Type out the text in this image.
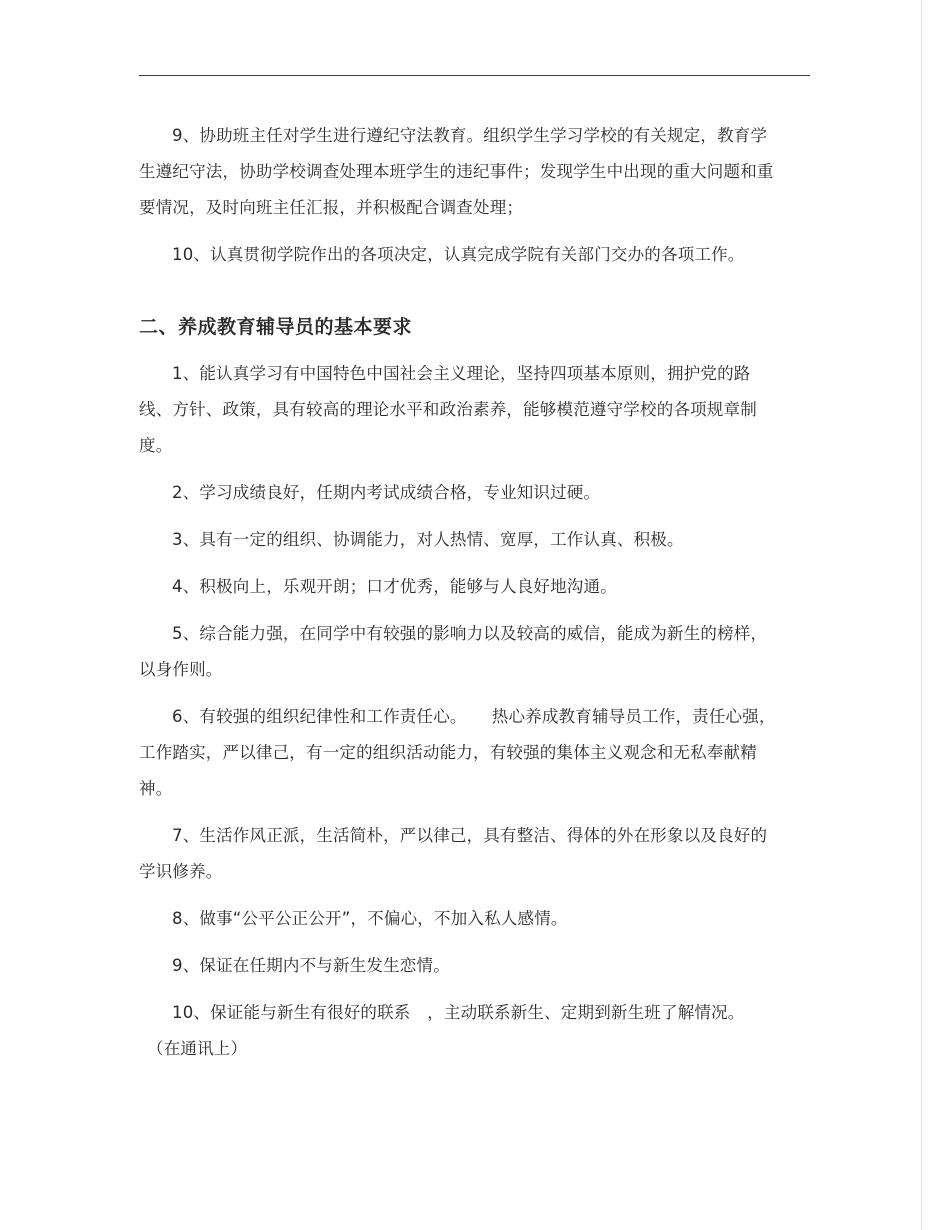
9、协助班主任对学生进行遵纪守法教育。组织学生学习学校的有关规定，教育学生遵纪守法，协助学校调查处理本班学生的违纪事件；发现学生中出现的重大问题和重要情况，及时向班主任汇报，并积极配合调查处理；

10、认真贯彻学院作出的各项决定，认真完成学院有关部门交办的各项工作。

二、养成教育辅导员的基本要求

1、能认真学习有中国特色中国社会主义理论，坚持四项基本原则，拥护党的路线、方针、政策，具有较高的理论水平和政治素养，能够模范遵守学校的各项规章制度。

2、学习成绩良好，任期内考试成绩合格，专业知识过硬。

3、具有一定的组织、协调能力，对人热情、宽厚，工作认真、积极。

4、积极向上，乐观开朗；口才优秀，能够与人良好地沟通。

5、综合能力强，在同学中有较强的影响力以及较高的威信，能成为新生的榜样，以身作则。

6、有较强的组织纪律性和工作责任心。　　热心养成教育辅导员工作，责任心强，工作踏实，严以律己，有一定的组织活动能力，有较强的集体主义观念和无私奉献精神。

7、生活作风正派，生活简朴，严以律己，具有整洁、得体的外在形象以及良好的学识修养。

8、做事“公平公正公开”，不偏心，不加入私人感情。

9、保证在任期内不与新生发生恋情。

10、保证能与新生有很好的联系　，主动联系新生、定期到新生班了解情况。

（在通讯上）
